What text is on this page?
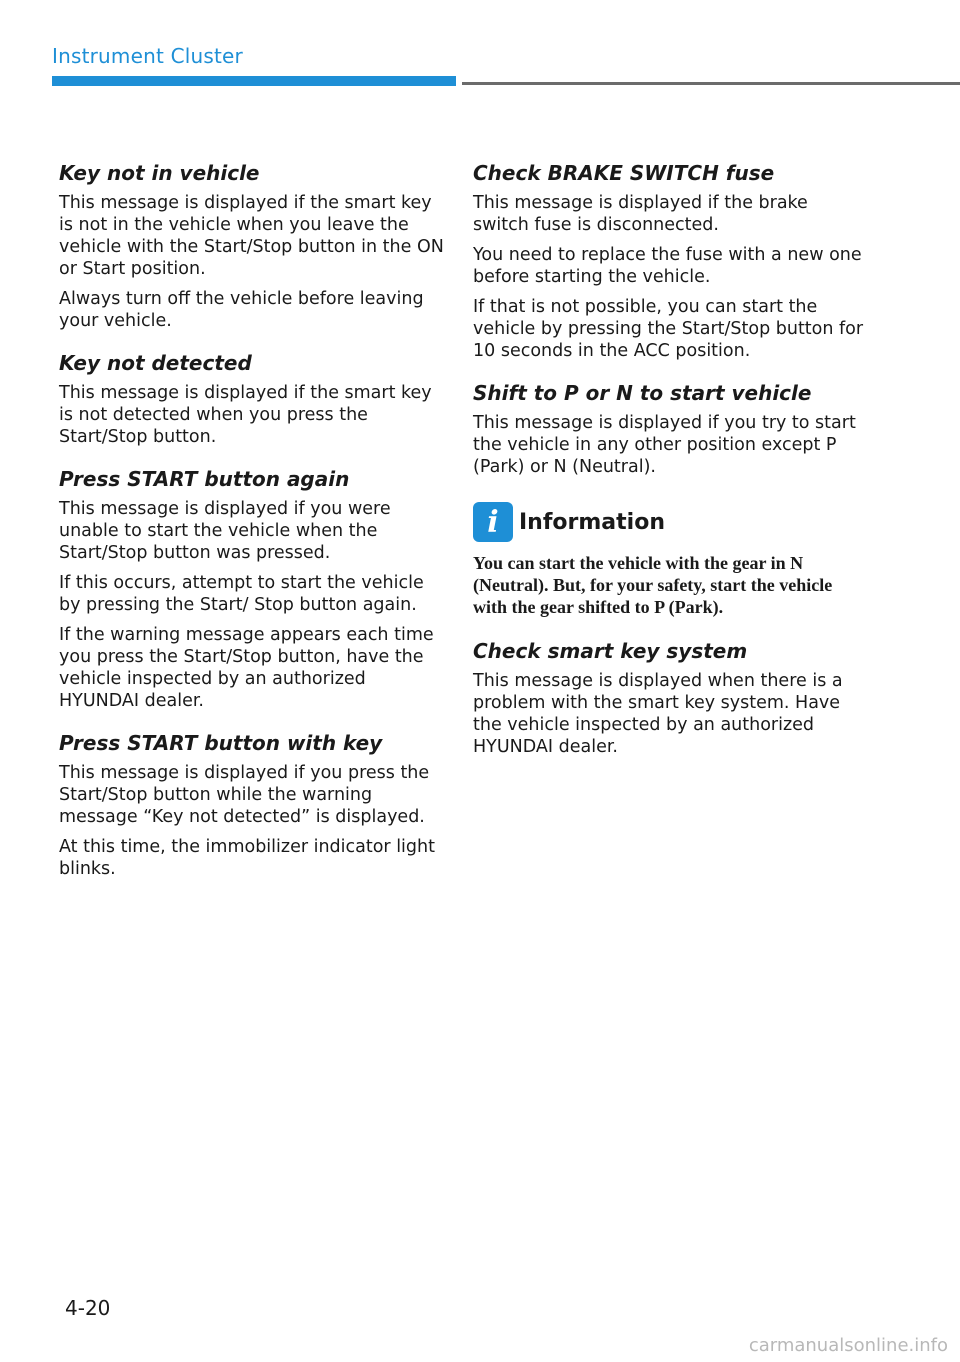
Instrument Cluster
Key not in vehicle

This message is displayed if the smart key is not in the vehicle when you leave the vehicle with the Start/Stop button in the ON or Start position.

Always turn off the vehicle before leaving your vehicle.

Key not detected

This message is displayed if the smart key is not detected when you press the Start/Stop button.

Press START button again

This message is displayed if you were unable to start the vehicle when the Start/Stop button was pressed.

If this occurs, attempt to start the vehicle by pressing the Start/ Stop button again.

If the warning message appears each time you press the Start/Stop button, have the vehicle inspected by an authorized HYUNDAI dealer.

Press START button with key

This message is displayed if you press the Start/Stop button while the warning message “Key not detected” is displayed.

At this time, the immobilizer indicator light blinks.

Check BRAKE SWITCH fuse

This message is displayed if the brake switch fuse is disconnected.

You need to replace the fuse with a new one before starting the vehicle.

If that is not possible, you can start the vehicle by pressing the Start/Stop button for 10 seconds in the ACC position.

Shift to P or N to start vehicle

This message is displayed if you try to start the vehicle in any other position except P (Park) or N (Neutral).

i Information

You can start the vehicle with the gear in N (Neutral). But, for your safety, start the vehicle with the gear shifted to P (Park).

Check smart key system

This message is displayed when there is a problem with the smart key system. Have the vehicle inspected by an authorized HYUNDAI dealer.

4-20
carmanualsonline.info
